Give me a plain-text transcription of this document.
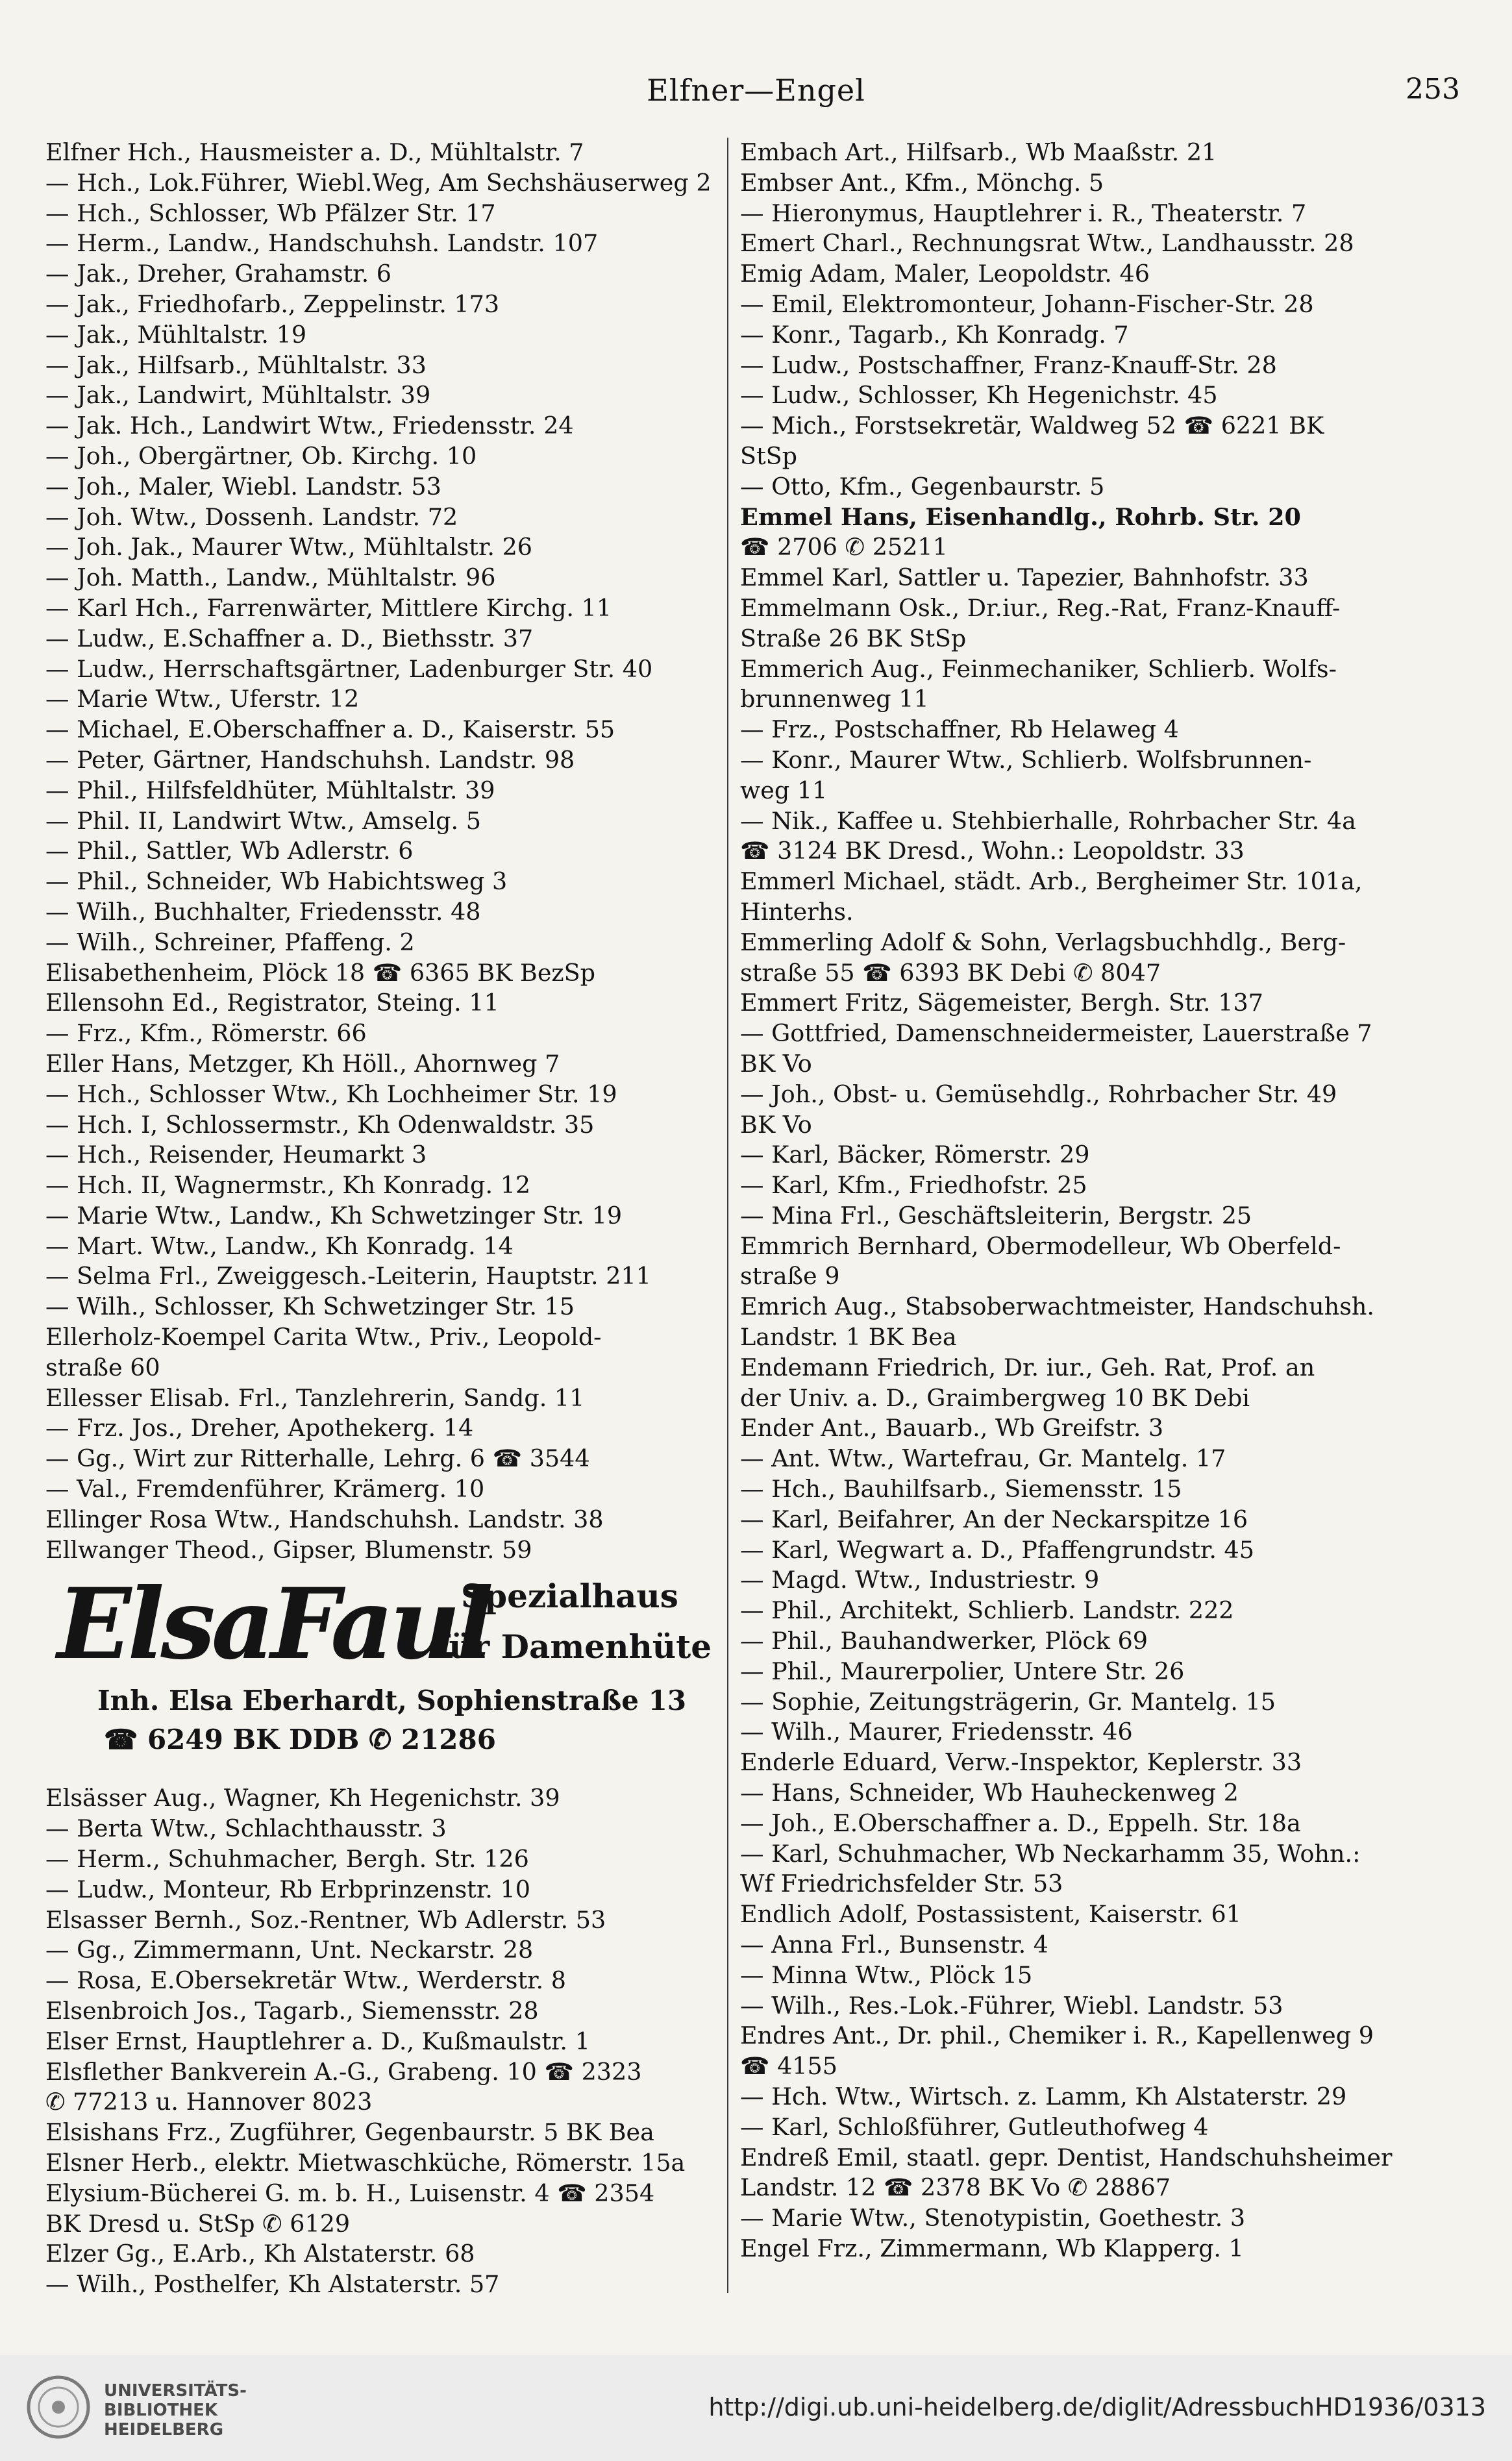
Elfner—Engel	253
Elfner Hch., Hausmeister a. D., Mühltalstr. 7
— Hch., Lok.Führer, Wiebl.Weg, Am Sechshäuserweg 2
— Hch., Schlosser, Wb Pfälzer Str. 17
— Herm., Landw., Handschuhsh. Landstr. 107
— Jak., Dreher, Grahamstr. 6
— Jak., Friedhofarb., Zeppelinstr. 173
— Jak., Mühltalstr. 19
— Jak., Hilfsarb., Mühltalstr. 33
— Jak., Landwirt, Mühltalstr. 39
— Jak. Hch., Landwirt Wtw., Friedensstr. 24
— Joh., Obergärtner, Ob. Kirchg. 10
— Joh., Maler, Wiebl. Landstr. 53
— Joh. Wtw., Dossenh. Landstr. 72
— Joh. Jak., Maurer Wtw., Mühltalstr. 26
— Joh. Matth., Landw., Mühltalstr. 96
— Karl Hch., Farrenwärter, Mittlere Kirchg. 11
— Ludw., E.Schaffner a. D., Biethsstr. 37
— Ludw., Herrschaftsgärtner, Ladenburger Str. 40
— Marie Wtw., Uferstr. 12
— Michael, E.Oberschaffner a. D., Kaiserstr. 55
— Peter, Gärtner, Handschuhsh. Landstr. 98
— Phil., Hilfsfeldhüter, Mühltalstr. 39
— Phil. II, Landwirt Wtw., Amselg. 5
— Phil., Sattler, Wb Adlerstr. 6
— Phil., Schneider, Wb Habichtsweg 3
— Wilh., Buchhalter, Friedensstr. 48
— Wilh., Schreiner, Pfaffeng. 2
Elisabethenheim, Plöck 18 ☎ 6365 BK BezSp
Ellensohn Ed., Registrator, Steing. 11
— Frz., Kfm., Römerstr. 66
Eller Hans, Metzger, Kh Höll., Ahornweg 7
— Hch., Schlosser Wtw., Kh Lochheimer Str. 19
— Hch. I, Schlossermstr., Kh Odenwaldstr. 35
— Hch., Reisender, Heumarkt 3
— Hch. II, Wagnermstr., Kh Konradg. 12
— Marie Wtw., Landw., Kh Schwetzinger Str. 19
— Mart. Wtw., Landw., Kh Konradg. 14
— Selma Frl., Zweiggesch.-Leiterin, Hauptstr. 211
— Wilh., Schlosser, Kh Schwetzinger Str. 15
Ellerholz-Koempel Carita Wtw., Priv., Leopold-
straße 60
Ellesser Elisab. Frl., Tanzlehrerin, Sandg. 11
— Frz. Jos., Dreher, Apothekerg. 14
— Gg., Wirt zur Ritterhalle, Lehrg. 6 ☎ 3544
— Val., Fremdenführer, Krämerg. 10
Ellinger Rosa Wtw., Handschuhsh. Landstr. 38
Ellwanger Theod., Gipser, Blumenstr. 59
ElsaFaul
Spezialhaus
für Damenhüte
Inh. Elsa Eberhardt, Sophienstraße 13
☎ 6249 BK DDB ✆ 21286
Elsässer Aug., Wagner, Kh Hegenichstr. 39
— Berta Wtw., Schlachthausstr. 3
— Herm., Schuhmacher, Bergh. Str. 126
— Ludw., Monteur, Rb Erbprinzenstr. 10
Elsasser Bernh., Soz.-Rentner, Wb Adlerstr. 53
— Gg., Zimmermann, Unt. Neckarstr. 28
— Rosa, E.Obersekretär Wtw., Werderstr. 8
Elsenbroich Jos., Tagarb., Siemensstr. 28
Elser Ernst, Hauptlehrer a. D., Kußmaulstr. 1
Elsflether Bankverein A.-G., Grabeng. 10 ☎ 2323
✆ 77213 u. Hannover 8023
Elsishans Frz., Zugführer, Gegenbaurstr. 5 BK Bea
Elsner Herb., elektr. Mietwaschküche, Römerstr. 15a
Elysium-Bücherei G. m. b. H., Luisenstr. 4 ☎ 2354
BK Dresd u. StSp ✆ 6129
Elzer Gg., E.Arb., Kh Alstaterstr. 68
— Wilh., Posthelfer, Kh Alstaterstr. 57
Embach Art., Hilfsarb., Wb Maaßstr. 21
Embser Ant., Kfm., Mönchg. 5
— Hieronymus, Hauptlehrer i. R., Theaterstr. 7
Emert Charl., Rechnungsrat Wtw., Landhausstr. 28
Emig Adam, Maler, Leopoldstr. 46
— Emil, Elektromonteur, Johann-Fischer-Str. 28
— Konr., Tagarb., Kh Konradg. 7
— Ludw., Postschaffner, Franz-Knauff-Str. 28
— Ludw., Schlosser, Kh Hegenichstr. 45
— Mich., Forstsekretär, Waldweg 52 ☎ 6221 BK
StSp
— Otto, Kfm., Gegenbaurstr. 5
Emmel Hans, Eisenhandlg., Rohrb. Str. 20
☎ 2706 ✆ 25211
Emmel Karl, Sattler u. Tapezier, Bahnhofstr. 33
Emmelmann Osk., Dr.iur., Reg.-Rat, Franz-Knauff-
Straße 26 BK StSp
Emmerich Aug., Feinmechaniker, Schlierb. Wolfs-
brunnenweg 11
— Frz., Postschaffner, Rb Helaweg 4
— Konr., Maurer Wtw., Schlierb. Wolfsbrunnen-
weg 11
— Nik., Kaffee u. Stehbierhalle, Rohrbacher Str. 4a
☎ 3124 BK Dresd., Wohn.: Leopoldstr. 33
Emmerl Michael, städt. Arb., Bergheimer Str. 101a,
Hinterhs.
Emmerling Adolf & Sohn, Verlagsbuchhdlg., Berg-
straße 55 ☎ 6393 BK Debi ✆ 8047
Emmert Fritz, Sägemeister, Bergh. Str. 137
— Gottfried, Damenschneidermeister, Lauerstraße 7
BK Vo
— Joh., Obst- u. Gemüsehdlg., Rohrbacher Str. 49
BK Vo
— Karl, Bäcker, Römerstr. 29
— Karl, Kfm., Friedhofstr. 25
— Mina Frl., Geschäftsleiterin, Bergstr. 25
Emmrich Bernhard, Obermodelleur, Wb Oberfeld-
straße 9
Emrich Aug., Stabsoberwachtmeister, Handschuhsh.
Landstr. 1 BK Bea
Endemann Friedrich, Dr. iur., Geh. Rat, Prof. an
der Univ. a. D., Graimbergweg 10 BK Debi
Ender Ant., Bauarb., Wb Greifstr. 3
— Ant. Wtw., Wartefrau, Gr. Mantelg. 17
— Hch., Bauhilfsarb., Siemensstr. 15
— Karl, Beifahrer, An der Neckarspitze 16
— Karl, Wegwart a. D., Pfaffengrundstr. 45
— Magd. Wtw., Industriestr. 9
— Phil., Architekt, Schlierb. Landstr. 222
— Phil., Bauhandwerker, Plöck 69
— Phil., Maurerpolier, Untere Str. 26
— Sophie, Zeitungsträgerin, Gr. Mantelg. 15
— Wilh., Maurer, Friedensstr. 46
Enderle Eduard, Verw.-Inspektor, Keplerstr. 33
— Hans, Schneider, Wb Hauheckenweg 2
— Joh., E.Oberschaffner a. D., Eppelh. Str. 18a
— Karl, Schuhmacher, Wb Neckarhamm 35, Wohn.:
Wf Friedrichsfelder Str. 53
Endlich Adolf, Postassistent, Kaiserstr. 61
— Anna Frl., Bunsenstr. 4
— Minna Wtw., Plöck 15
— Wilh., Res.-Lok.-Führer, Wiebl. Landstr. 53
Endres Ant., Dr. phil., Chemiker i. R., Kapellenweg 9
☎ 4155
— Hch. Wtw., Wirtsch. z. Lamm, Kh Alstaterstr. 29
— Karl, Schloßführer, Gutleuthofweg 4
Endreß Emil, staatl. gepr. Dentist, Handschuhsheimer
Landstr. 12 ☎ 2378 BK Vo ✆ 28867
— Marie Wtw., Stenotypistin, Goethestr. 3
Engel Frz., Zimmermann, Wb Klapperg. 1
UNIVERSITÄTS-
BIBLIOTHEK
HEIDELBERG
http://digi.ub.uni-heidelberg.de/diglit/AdressbuchHD1936/0313
